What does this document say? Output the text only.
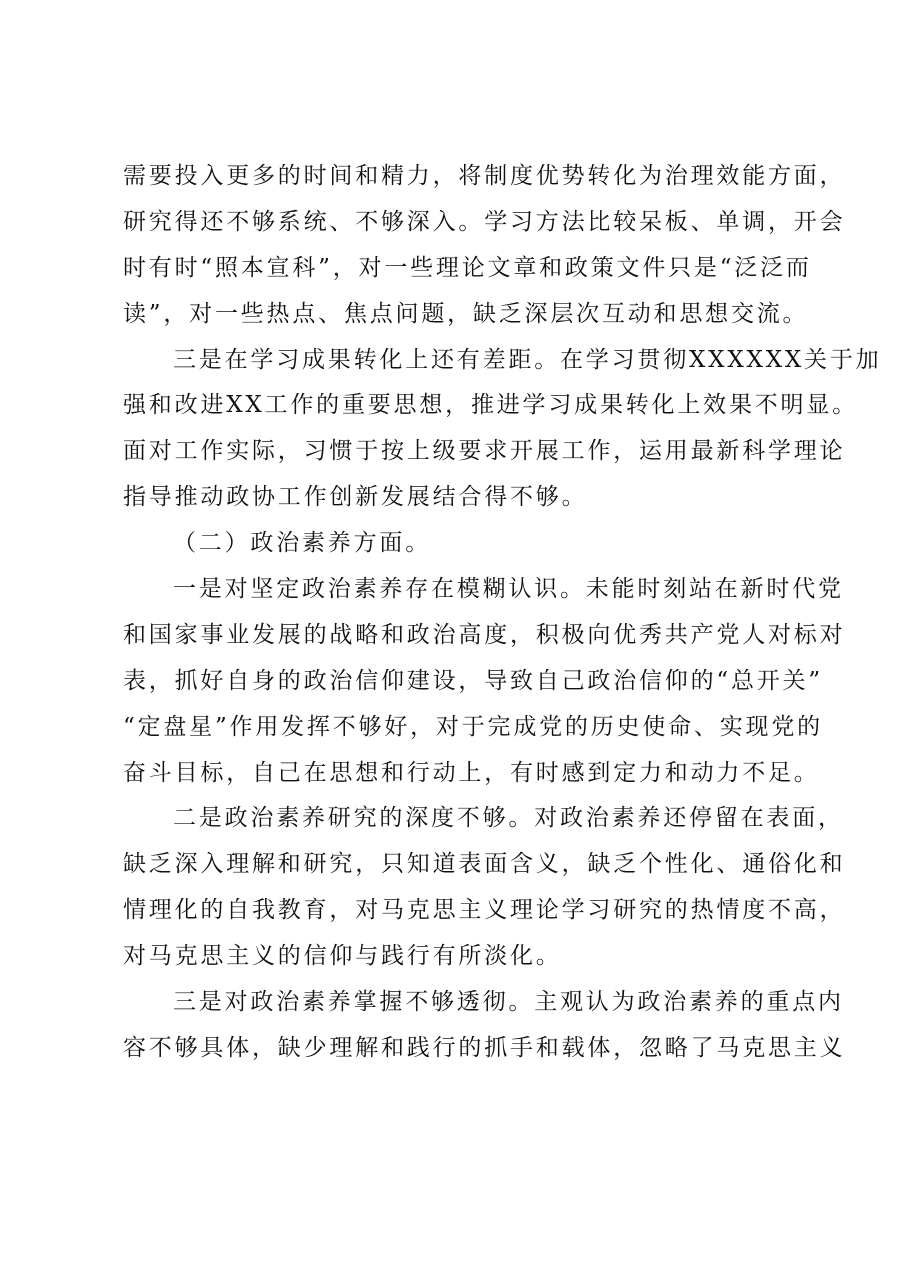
需要投入更多的时间和精力，将制度优势转化为治理效能方面，
研究得还不够系统、不够深入。学习方法比较呆板、单调，开会
时有时“照本宣科”，对一些理论文章和政策文件只是“泛泛而
读”，对一些热点、焦点问题，缺乏深层次互动和思想交流。
三是在学习成果转化上还有差距。在学习贯彻XXXXXX关于加
强和改进XX工作的重要思想，推进学习成果转化上效果不明显。
面对工作实际，习惯于按上级要求开展工作，运用最新科学理论
指导推动政协工作创新发展结合得不够。
（二）政治素养方面。
一是对坚定政治素养存在模糊认识。未能时刻站在新时代党
和国家事业发展的战略和政治高度，积极向优秀共产党人对标对
表，抓好自身的政治信仰建设，导致自己政治信仰的“总开关”
“定盘星”作用发挥不够好，对于完成党的历史使命、实现党的
奋斗目标，自己在思想和行动上，有时感到定力和动力不足。
二是政治素养研究的深度不够。对政治素养还停留在表面，
缺乏深入理解和研究，只知道表面含义，缺乏个性化、通俗化和
情理化的自我教育，对马克思主义理论学习研究的热情度不高，
对马克思主义的信仰与践行有所淡化。
三是对政治素养掌握不够透彻。主观认为政治素养的重点内
容不够具体，缺少理解和践行的抓手和载体，忽略了马克思主义
